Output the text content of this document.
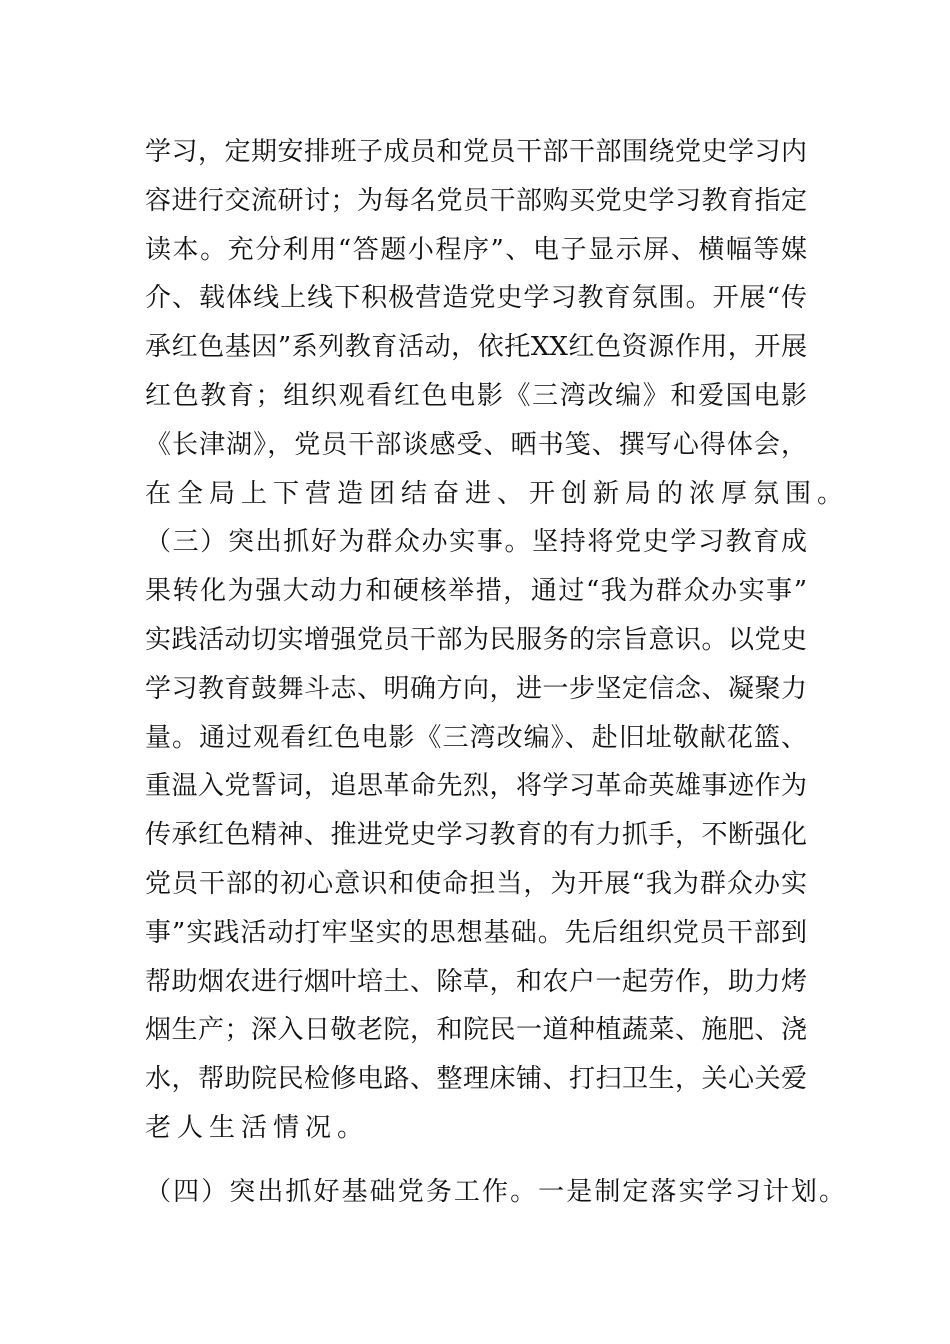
学习，定期安排班子成员和党员干部干部围绕党史学习内
容进行交流研讨；为每名党员干部购买党史学习教育指定
读本。充分利用“答题小程序”、电子显示屏、横幅等媒
介、载体线上线下积极营造党史学习教育氛围。开展“传
承红色基因”系列教育活动，依托XX红色资源作用，开展
红色教育；组织观看红色电影《三湾改编》和爱国电影
《长津湖》，党员干部谈感受、晒书笺、撰写心得体会，
在全局上下营造团结奋进、开创新局的浓厚氛围。
（三）突出抓好为群众办实事。坚持将党史学习教育成
果转化为强大动力和硬核举措，通过“我为群众办实事”
实践活动切实增强党员干部为民服务的宗旨意识。以党史
学习教育鼓舞斗志、明确方向，进一步坚定信念、凝聚力
量。通过观看红色电影《三湾改编》、赴旧址敬献花篮、
重温入党誓词，追思革命先烈，将学习革命英雄事迹作为
传承红色精神、推进党史学习教育的有力抓手，不断强化
党员干部的初心意识和使命担当，为开展“我为群众办实
事”实践活动打牢坚实的思想基础。先后组织党员干部到
帮助烟农进行烟叶培土、除草，和农户一起劳作，助力烤
烟生产；深入日敬老院，和院民一道种植蔬菜、施肥、浇
水，帮助院民检修电路、整理床铺、打扫卫生，关心关爱
老人生活情况。
（四）突出抓好基础党务工作。一是制定落实学习计划。
